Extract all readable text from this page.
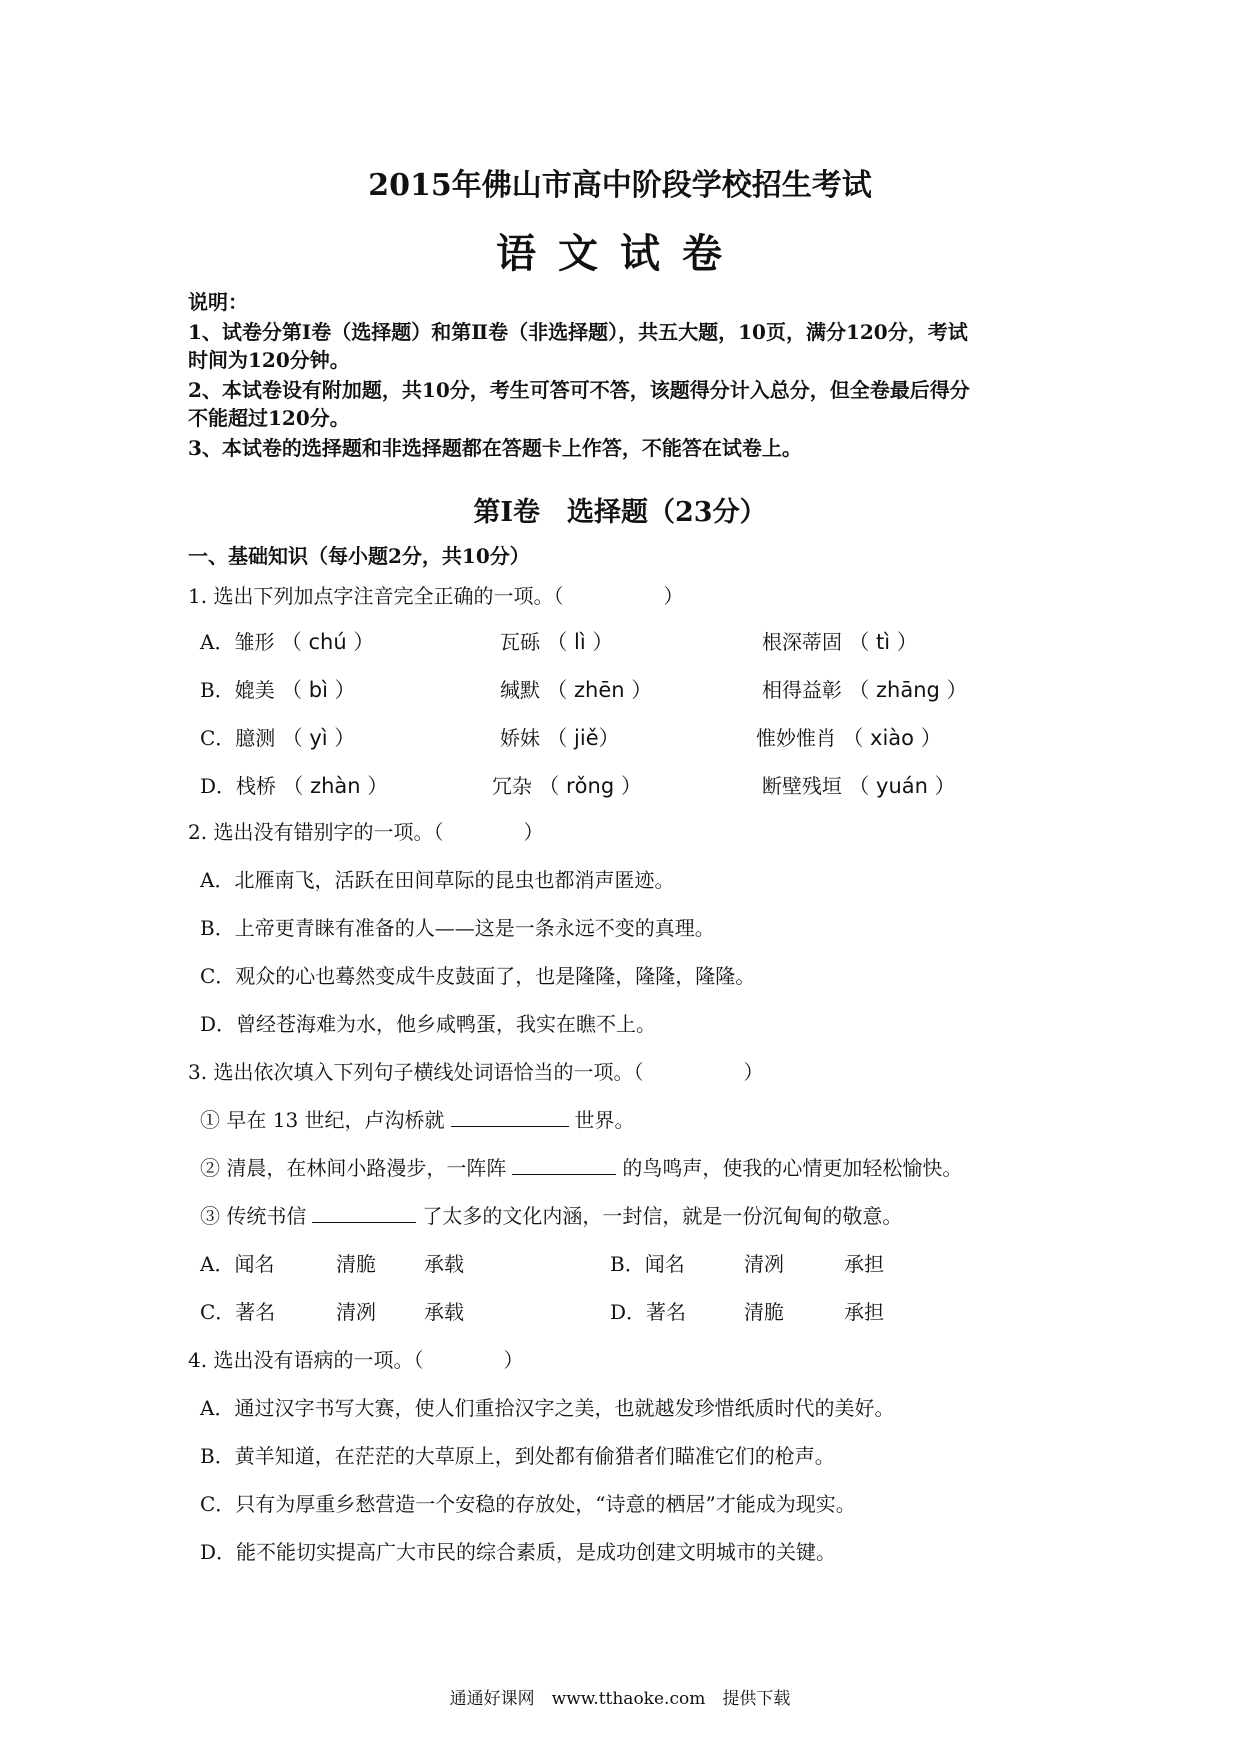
2015年佛山市高中阶段学校招生考试
语文试卷
说明：
1、试卷分第Ⅰ卷（选择题）和第Ⅱ卷（非选择题），共五大题，10页，满分120分，考试
时间为120分钟。
2、本试卷设有附加题，共10分，考生可答可不答，该题得分计入总分，但全卷最后得分
不能超过120分。
3、本试卷的选择题和非选择题都在答题卡上作答，不能答在试卷上。
第Ⅰ卷　选择题（23分）
一、基础知识（每小题2分，共10分）
1. 选出下列加点字注音完全正确的一项。（　　　　　）
A．雏形 （ chú ）	瓦砾 （ lì ）	根深蒂固 （ tì ）
B．媲美 （ bì ）	缄默 （ zhēn ）	相得益彰 （ zhāng ）
C．臆测 （ yì ）	娇妹 （ jiě）	惟妙惟肖 （ xiào ）
D．栈桥 （ zhàn ）	冗杂 （ rǒng ）	断壁残垣 （ yuán ）
2. 选出没有错别字的一项。（　　　　）
A．北雁南飞，活跃在田间草际的昆虫也都消声匿迹。
B．上帝更青睐有准备的人——这是一条永远不变的真理。
C．观众的心也蓦然变成牛皮鼓面了，也是隆隆，隆隆，隆隆。
D．曾经苍海难为水，他乡咸鸭蛋，我实在瞧不上。
3. 选出依次填入下列句子横线处词语恰当的一项。（　　　　　）
① 早在 13 世纪，卢沟桥就	世界。
② 清晨，在林间小路漫步，一阵阵	的鸟鸣声，使我的心情更加轻松愉快。
③ 传统书信	了太多的文化内涵，一封信，就是一份沉甸甸的敬意。
A．闻名	清脆 承载	B．闻名	清冽	承担
C．著名	清冽 承载	D．著名	清脆	承担
4. 选出没有语病的一项。（　　　　）
A．通过汉字书写大赛，使人们重拾汉字之美，也就越发珍惜纸质时代的美好。
B．黄羊知道，在茫茫的大草原上，到处都有偷猎者们瞄准它们的枪声。
C．只有为厚重乡愁营造一个安稳的存放处，“诗意的栖居”才能成为现实。
D．能不能切实提高广大市民的综合素质，是成功创建文明城市的关键。
通通好课网　www.tthaoke.com　提供下载
